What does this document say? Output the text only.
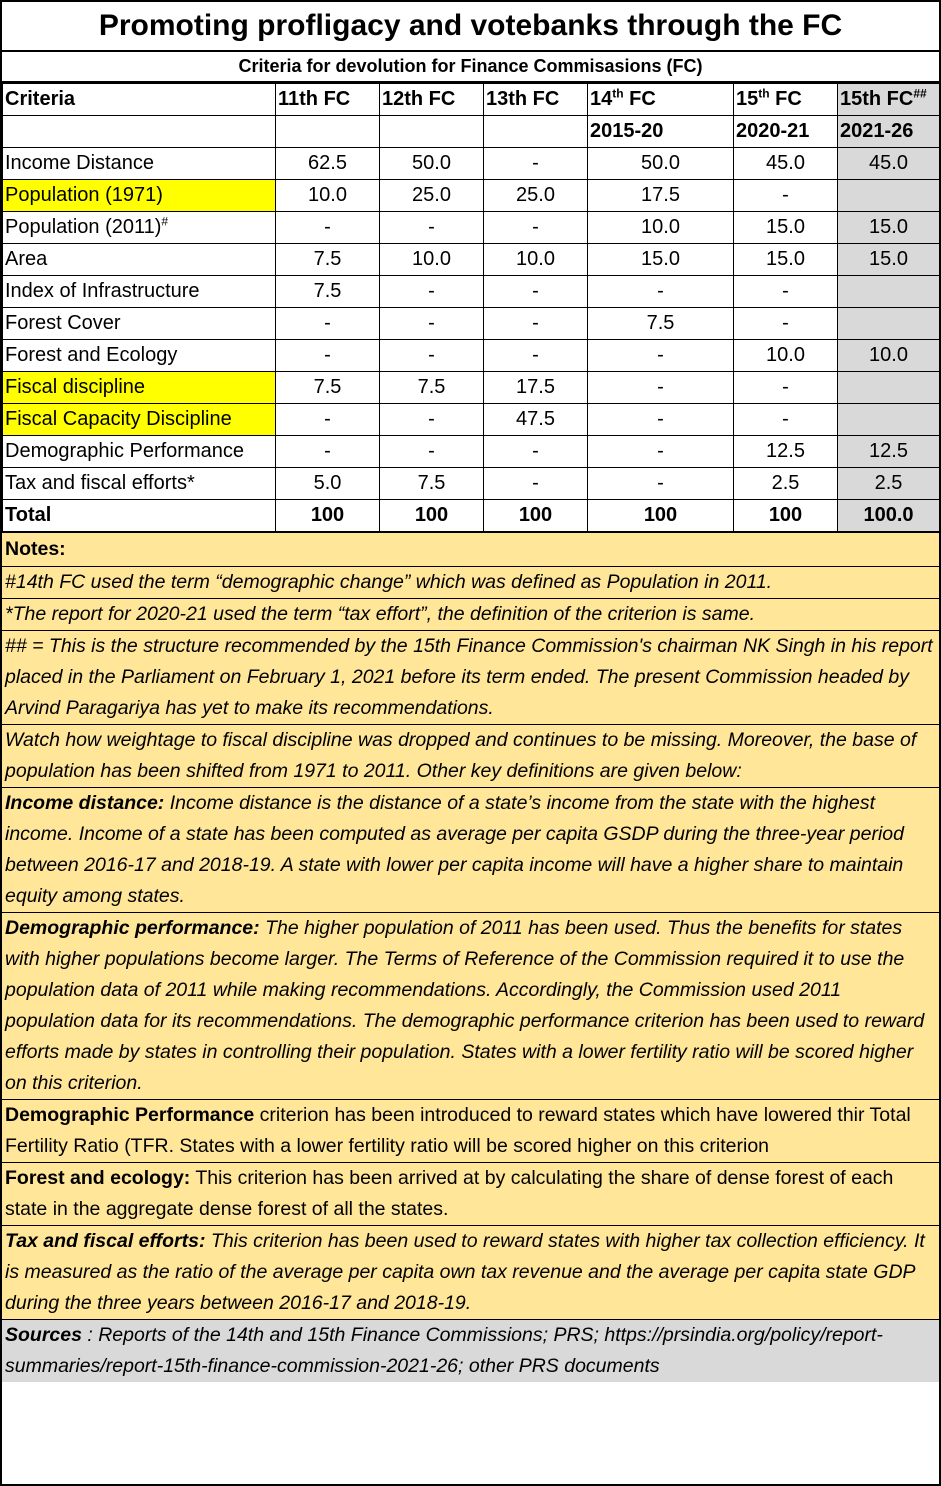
Promoting profligacy and votebanks through the FC
Criteria for devolution for Finance Commisasions (FC)
Criteria	11th FC	12th FC	13th FC	14th FC	15th FC	15th FC##
				2015-20	2020-21	2021-26
Income Distance	62.5	50.0	-	50.0	45.0	45.0
Population (1971)	10.0	25.0	25.0	17.5	-	
Population (2011)#	-	-	-	10.0	15.0	15.0
Area	7.5	10.0	10.0	15.0	15.0	15.0
Index of Infrastructure	7.5	-	-	-	-	
Forest Cover	-	-	-	7.5	-	
Forest and Ecology	-	-	-	-	10.0	10.0
Fiscal discipline	7.5	7.5	17.5	-	-	
Fiscal Capacity Discipline	-	-	47.5	-	-	
Demographic Performance	-	-	-	-	12.5	12.5
Tax and fiscal efforts*	5.0	7.5	-	-	2.5	2.5
Total	100	100	100	100	100	100.0
Notes:
#14th FC used the term “demographic change” which was defined as Population in 2011.
*The report for 2020-21 used the term “tax effort”, the definition of the criterion is same.
## = This is the structure recommended by the 15th Finance Commission's chairman NK Singh in his report placed in the Parliament on February 1, 2021 before its term ended. The present Commission headed by Arvind Paragariya has yet to make its recommendations.
Watch how weightage to fiscal discipline was dropped and continues to be missing. Moreover, the base of population has been shifted from 1971 to 2011. Other key definitions are given below:
Income distance: Income distance is the distance of a state’s income from the state with the highest income. Income of a state has been computed as average per capita GSDP during the three-year period between 2016-17 and 2018-19. A state with lower per capita income will have a higher share to maintain equity among states.
Demographic performance: The higher population of 2011 has been used. Thus the benefits for states with higher populations become larger. The Terms of Reference of the Commission required it to use the population data of 2011 while making recommendations. Accordingly, the Commission used 2011 population data for its recommendations. The demographic performance criterion has been used to reward efforts made by states in controlling their population. States with a lower fertility ratio will be scored higher on this criterion.
Demographic Performance criterion has been introduced to reward states which have lowered thir Total Fertility Ratio (TFR. States with a lower fertility ratio will be scored higher on this criterion
Forest and ecology: This criterion has been arrived at by calculating the share of dense forest of each state in the aggregate dense forest of all the states.
Tax and fiscal efforts: This criterion has been used to reward states with higher tax collection efficiency. It is measured as the ratio of the average per capita own tax revenue and the average per capita state GDP during the three years between 2016-17 and 2018-19.
Sources : Reports of the 14th and 15th Finance Commissions; PRS; https://prsindia.org/policy/report-summaries/report-15th-finance-commission-2021-26; other PRS documents
